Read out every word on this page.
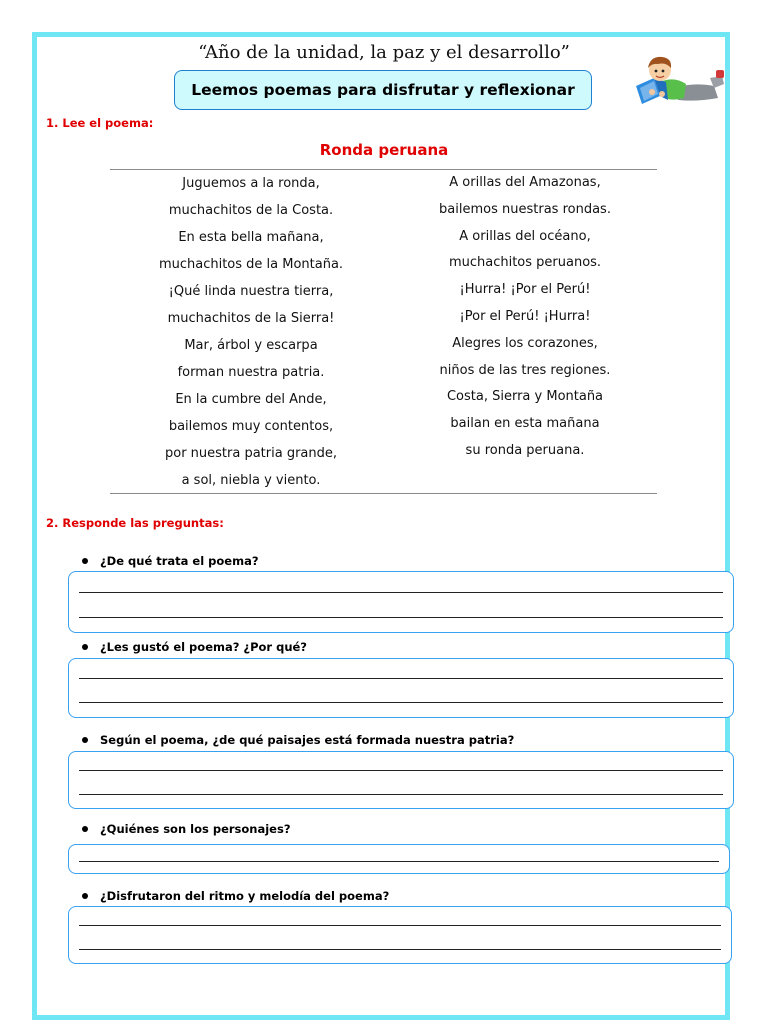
“Año de la unidad, la paz y el desarrollo”
Leemos poemas para disfrutar y reflexionar
1. Lee el poema:
Ronda peruana
Juguemos a la ronda,
muchachitos de la Costa.
En esta bella mañana,
muchachitos de la Montaña.
¡Qué linda nuestra tierra,
muchachitos de la Sierra!
Mar, árbol y escarpa
forman nuestra patria.
En la cumbre del Ande,
bailemos muy contentos,
por nuestra patria grande,
a sol, niebla y viento.
A orillas del Amazonas,
bailemos nuestras rondas.
A orillas del océano,
muchachitos peruanos.
¡Hurra! ¡Por el Perú!
¡Por el Perú! ¡Hurra!
Alegres los corazones,
niños de las tres regiones.
Costa, Sierra y Montaña
bailan en esta mañana
su ronda peruana.
2. Responde las preguntas:
¿De qué trata el poema?
¿Les gustó el poema? ¿Por qué?
Según el poema, ¿de qué paisajes está formada nuestra patria?
¿Quiénes son los personajes?
¿Disfrutaron del ritmo y melodía del poema?
